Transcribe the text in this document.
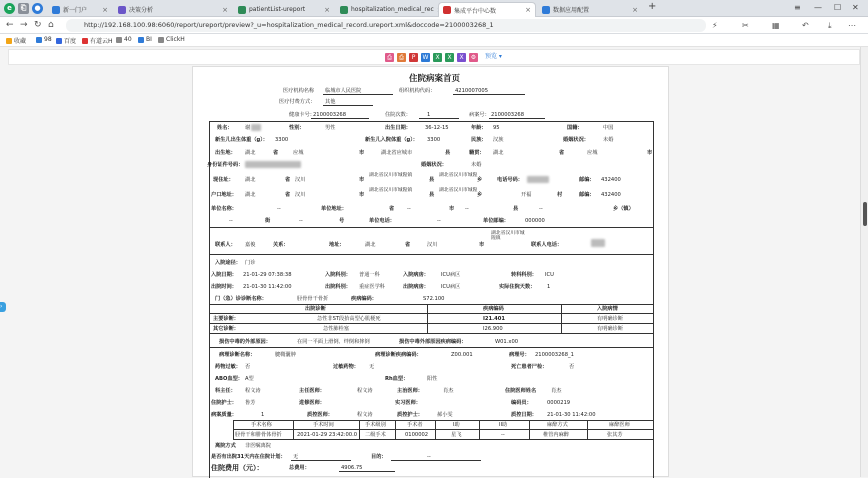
e	⎗	●	新一门户 ×	决策分析	×	patientList-ureport	×	hospitalization_medical_rec	集成平台中心数	×	数据应用配置	× +	≡ — ☐ ✕
← → ↻ ⌂	http://192.168.100.98:6060/report/ureport/preview?_u=hospitalization_medical_record.ureport.xml&doccode=2100003268_1	⚡	✂	▦	↶ ⤓ ⋯
收藏	98 百度 有道云H 40 BI ClickH
⎙	⎙	P	W	X	X	X	⚙	预览 ▾
›
住院病案首页
医疗机构名称 临城市人民医院	组织机构代码：	4210007005
医疗付费方式： 其他
健康卡号：
2100003268	住院次数：	1	病案号： 2100003268
姓名： 谢	性别：	男性	出生日期：	36-12-15	年龄： 95	国籍：	中国
新生儿出生体重（g）： 3300	新生儿入院体重（g）： 3300	民族： 汉族	婚姻状况：	未婚
出生地： 湖北	省	应城	市	湖北省应城市	县	籍贯： 湖北	省	应城	市
身份证件号码：	婚姻状况：	未婚
现住址： 湖北	省 汉川	市
湖北省汉川市城隍镇
县
湖北省汉川市城隍
乡	电话号码：	邮编： 432400
户口地址： 湖北	省 汉川	市
湖北省汉川市城隍镇
县
湖北省汉川市城隍
乡	开福	村	邮编： 432400
单位名称：	--	单位地址：	省 --	市 --	县	--	乡（镇）
--	街	--	号	单位电话：	--	单位邮编：	000000
联系人： 嘉俊	关系：	地址：	湖北	省	汉川	市
湖北省汉川市城隍镇
联系人电话：
入院途径： 门诊
入院日期： 21-01-29 07:38:38	入院科别： 普通一科	入院病房： ICU病区	转科科别： ICU
出院时间： 21-01-30 11:42:00	出院科别： 重症医学科	出院病房： ICU病区	实际住院天数： 1
门（急）诊诊断名称：	胫骨骨干骨折	疾病编码：	S72.100
出院诊断	疾病编码	入院病情
主要诊断：	急性非ST段抬高型心肌梗死	I21.401	有明确诊断
其它诊断：	急性肺栓塞	I26.900	有明确诊断
损伤中毒的外部原因：	在同一平面上滑倒、绊倒和摔倒	损伤中毒外部原因疾病编码：	W01.x00
病理诊断名称：	腱鞘囊肿	病理诊断疾病编码：	Z00.001	病理号： 2100003268_1
药物过敏： 否	过敏药物： 无	死亡患者尸检：	否
ABO血型： A型	Rh血型：	阳性
科主任： 程文涛	主任医师：	程文涛	主治医师：	肖杰	住院医师姓名	肖杰
住院护士： 鲁芳	进修医师：	实习医师：	编码员：	0000219
病案质量：	1	质控医师：	程文涛	质控护士：	郝小雯	质控日期： 21-01-30 11:42:00
手术名称	手术时间	手术级别	手术者	I助	II助	麻醉方式	麻醉医师
胫骨干和腓骨体骨折	2021-01-29 23:42:00.0 二级手术	0100002	星飞	--	椎管内麻醉	张其芳
离院方式 非医嘱离院
是否有出院31天内在住院计划： 无	目的：	--
住院费用（元）：	总费用：	4906.75
